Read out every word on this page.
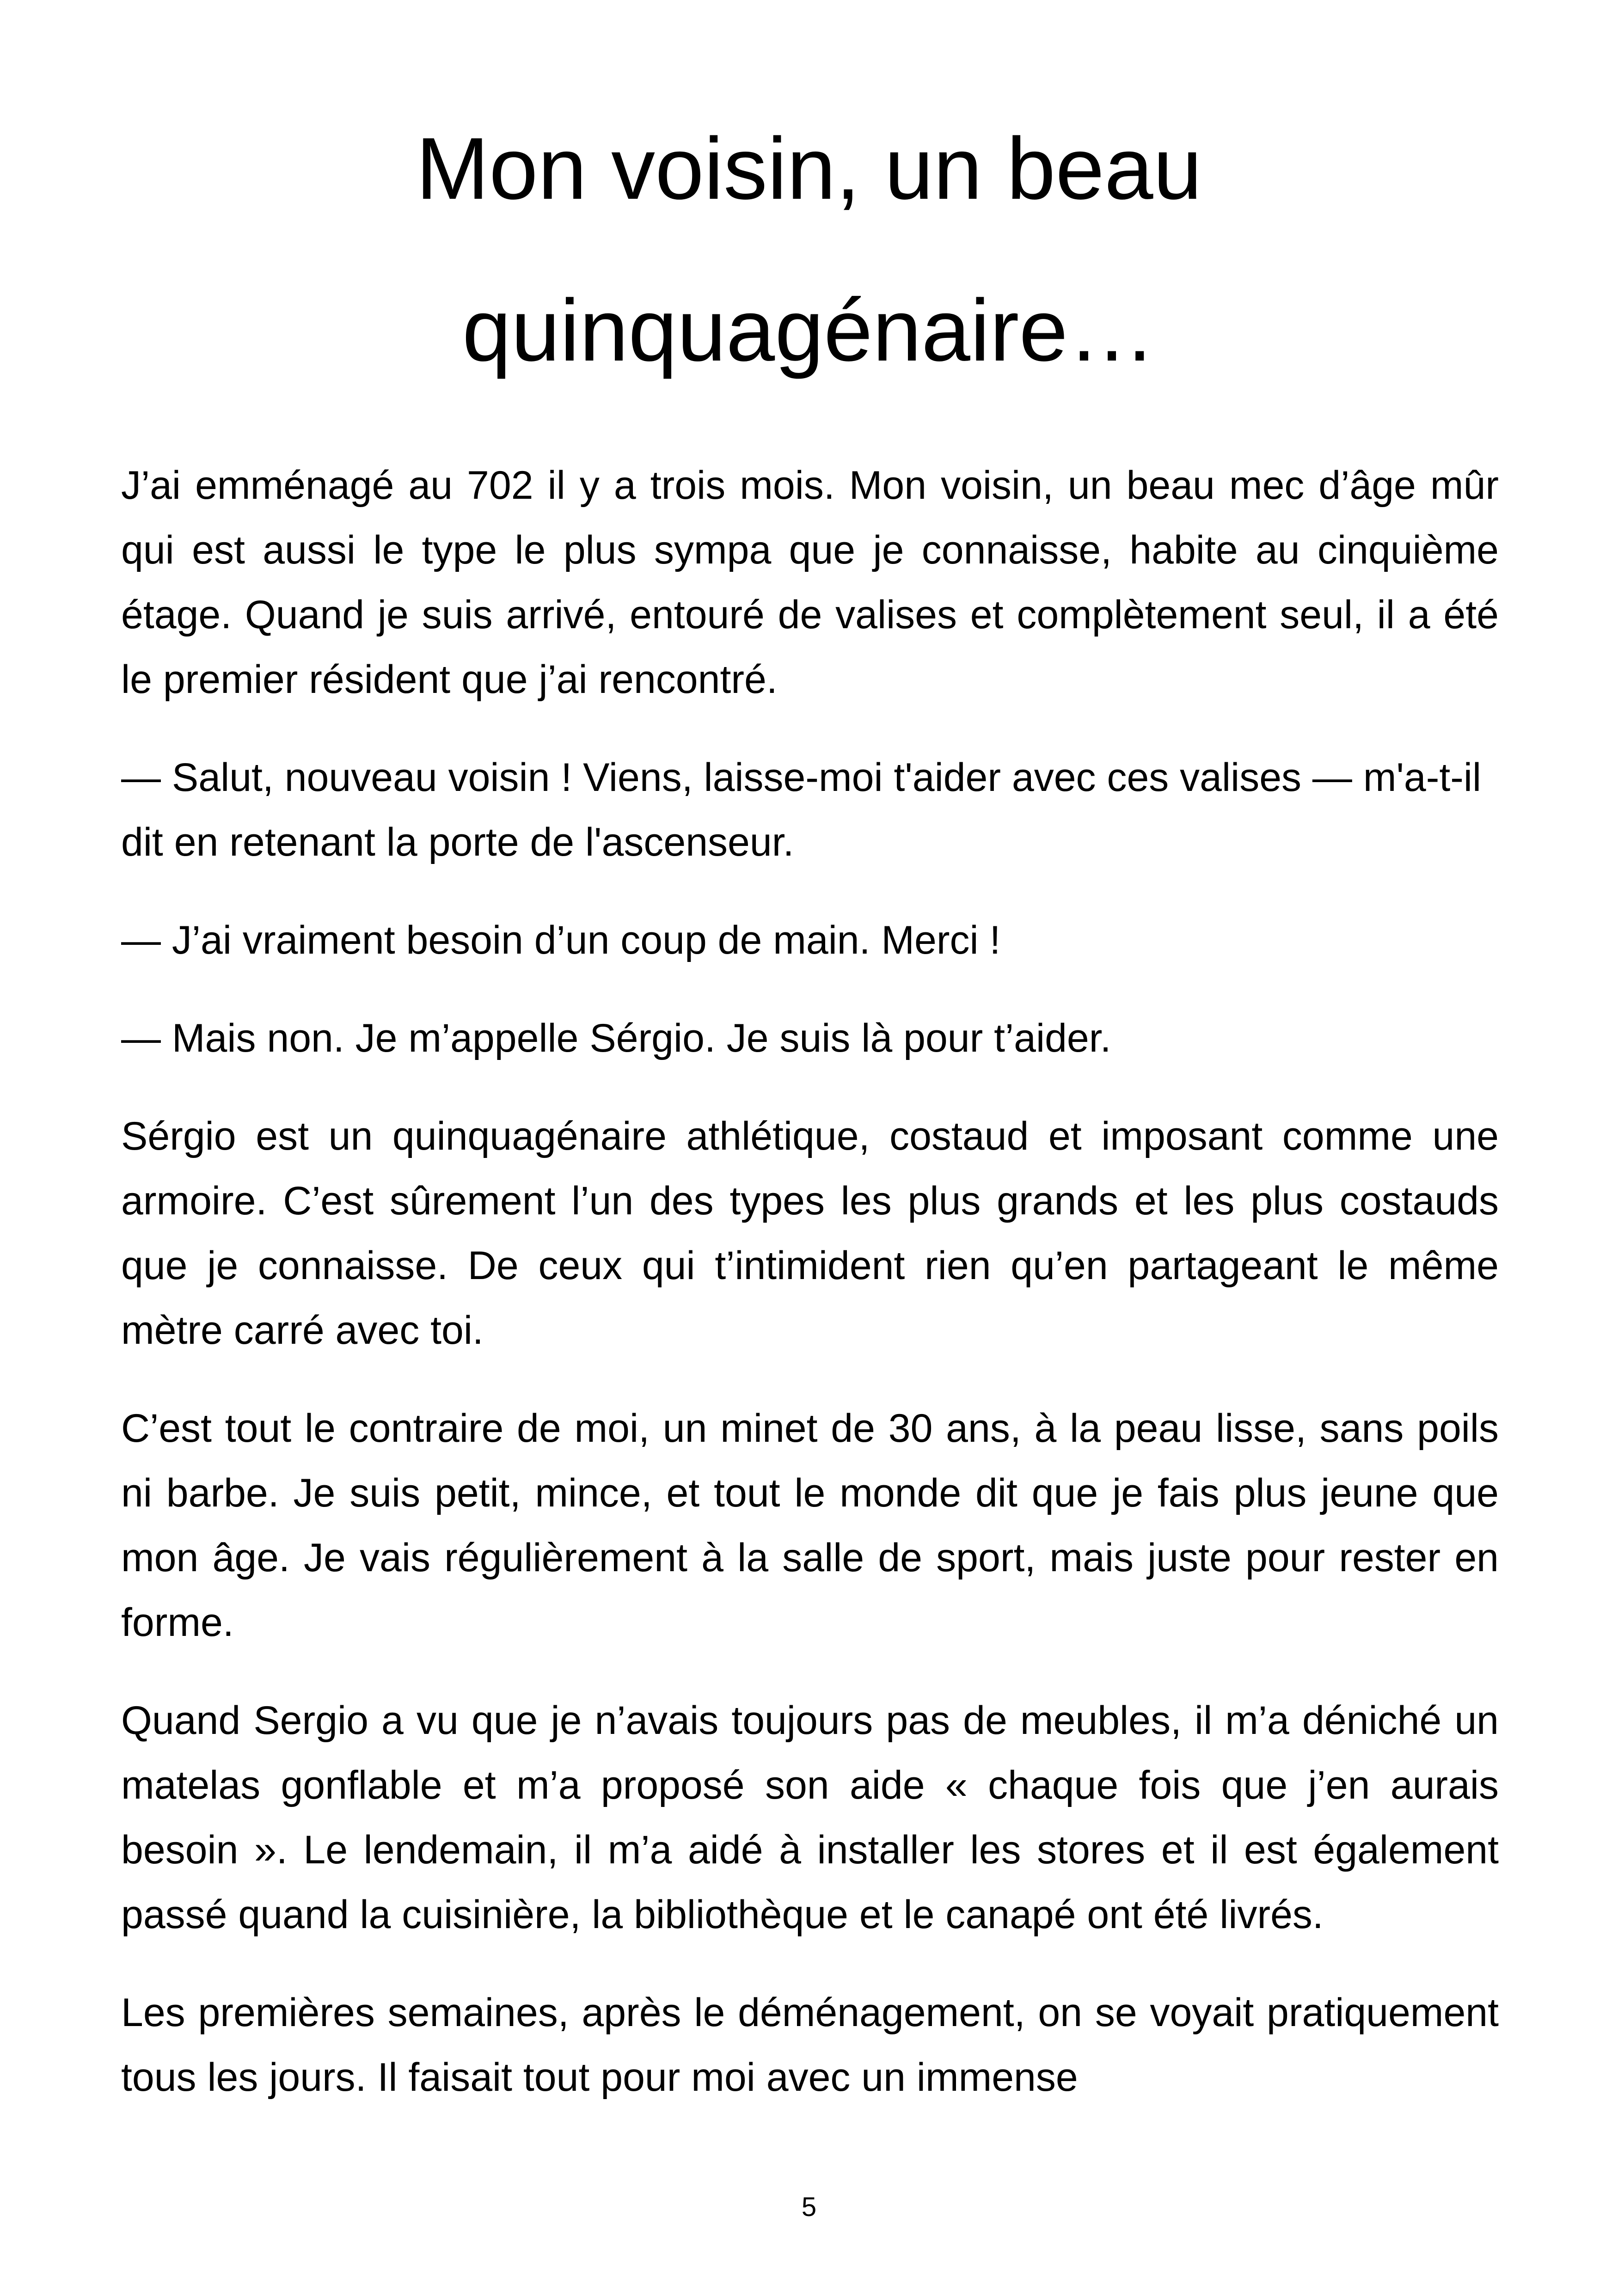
Mon voisin, un beau
quinquagénaire…

J’ai emménagé au 702 il y a trois mois. Mon voisin, un beau mec d’âge mûr qui est aussi le type le plus sympa que je connaisse, habite au cinquième étage. Quand je suis arrivé, entouré de valises et complètement seul, il a été le premier résident que j’ai rencontré.

— Salut, nouveau voisin ! Viens, laisse-moi t'aider avec ces valises — m'a-t-il dit en retenant la porte de l'ascenseur.

— J’ai vraiment besoin d’un coup de main. Merci !

— Mais non. Je m’appelle Sérgio. Je suis là pour t’aider.

Sérgio est un quinquagénaire athlétique, costaud et imposant comme une armoire. C’est sûrement l’un des types les plus grands et les plus costauds que je connaisse. De ceux qui t’intimident rien qu’en partageant le même mètre carré avec toi.

C’est tout le contraire de moi, un minet de 30 ans, à la peau lisse, sans poils ni barbe. Je suis petit, mince, et tout le monde dit que je fais plus jeune que mon âge. Je vais régulièrement à la salle de sport, mais juste pour rester en forme.

Quand Sergio a vu que je n’avais toujours pas de meubles, il m’a déniché un matelas gonflable et m’a proposé son aide « chaque fois que j’en aurais besoin ». Le lendemain, il m’a aidé à installer les stores et il est également passé quand la cuisinière, la bibliothèque et le canapé ont été livrés.

Les premières semaines, après le déménagement, on se voyait pratiquement tous les jours. Il faisait tout pour moi avec un immense

5
